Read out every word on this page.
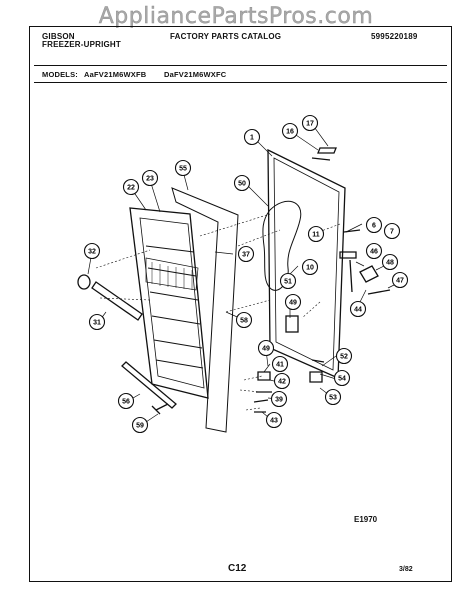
AppliancePartsPros.com
GIBSON
FREEZER-UPRIGHT
FACTORY PARTS CATALOG	5995220189
MODELS: AaFV21M6WXFB DaFV21M6WXFC
1
16
17
55
23
22
50
6
7
11
10
32	37	46
48
47
51
49
31	58
44
49
52
41
42	54
39	53
56
43
59
E1970
C12	3/82
